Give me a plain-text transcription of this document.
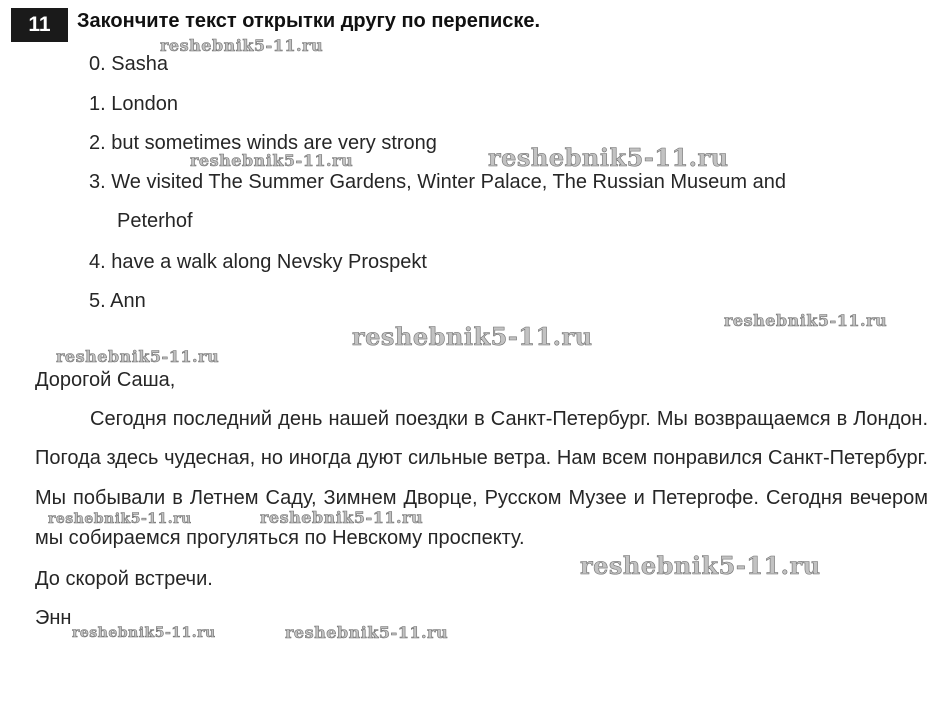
11	Закончите текст открытки другу по переписке.
0. Sasha
1. London
2. but sometimes winds are very strong
3. We visited The Summer Gardens, Winter Palace, The Russian Museum and
Peterhof
4. have a walk along Nevsky Prospekt
5. Ann
Дорогой Саша,
Сегодня последний день нашей поездки в Санкт-Петербург. Мы возвращаемся в Лондон. Погода здесь чудесная, но иногда дуют сильные ветра. Нам всем понравился Санкт-Петербург. Мы побывали в Летнем Саду, Зимнем Дворце, Русском Музее и Петергофе. Сегодня вечером мы собираемся прогуляться по Невскому проспекту.
До скорой встречи.
Энн
reshebnik5-11.ru
reshebnik5-11.ru	reshebnik5-11.ru
reshebnik5-11.ru
reshebnik5-11.ru
reshebnik5-11.ru
reshebnik5-11.ru	reshebnik5-11.ru
reshebnik5-11.ru
reshebnik5-11.ru	reshebnik5-11.ru
